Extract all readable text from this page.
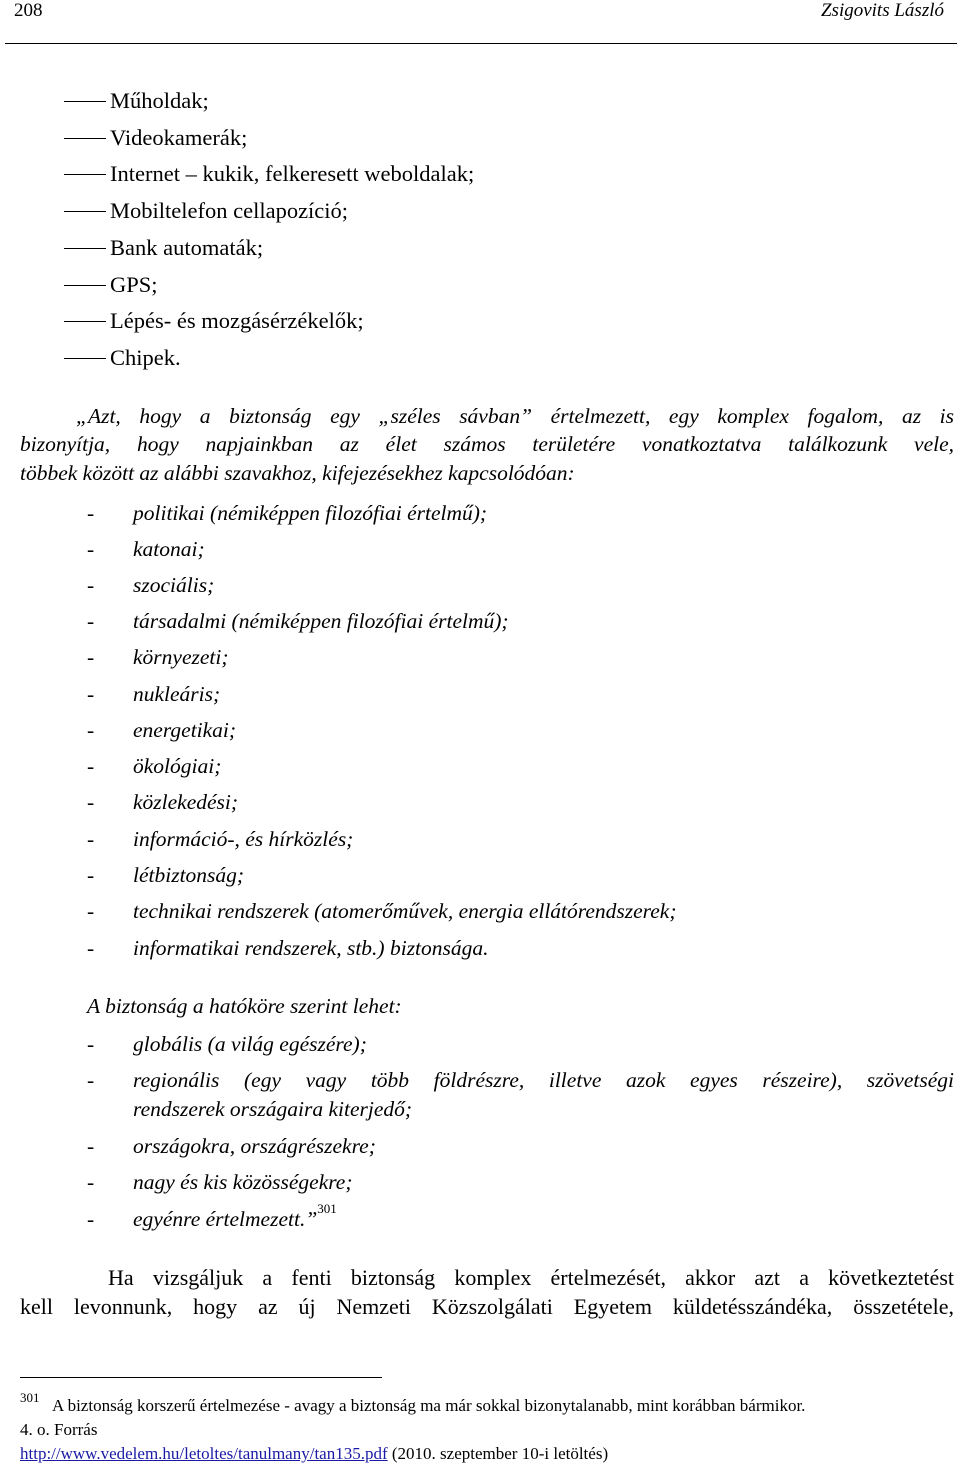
208	Zsigovits László
Műholdak;
Videokamerák;
Internet – kukik, felkeresett weboldalak;
Mobiltelefon cellapozíció;
Bank automaták;
GPS;
Lépés- és mozgásérzékelők;
Chipek.
„Azt, hogy a biztonság egy „széles sávban” értelmezett, egy komplex fogalom, az is
bizonyítja, hogy napjainkban az élet számos területére vonatkoztatva találkozunk vele,
többek között az alábbi szavakhoz, kifejezésekhez kapcsolódóan:
- politikai (némiképpen filozófiai értelmű);
- katonai;
- szociális;
- társadalmi (némiképpen filozófiai értelmű);
- környezeti;
- nukleáris;
- energetikai;
- ökológiai;
- közlekedési;
- információ-, és hírközlés;
- létbiztonság;
- technikai rendszerek (atomerőművek, energia ellátórendszerek;
- informatikai rendszerek, stb.) biztonsága.
A biztonság a hatóköre szerint lehet:
- globális (a világ egészére);
- regionális (egy vagy több földrészre, illetve azok egyes részeire), szövetségi
rendszerek országaira kiterjedő;
- országokra, országrészekre;
- nagy és kis közösségekre;
- egyénre értelmezett.”$^{301}$
Ha vizsgáljuk a fenti biztonság komplex értelmezését, akkor azt a következtetést
kell levonnunk, hogy az új Nemzeti Közszolgálati Egyetem küldetésszándéka, összetétele,
301 A biztonság korszerű értelmezése - avagy a biztonság ma már sokkal bizonytalanabb, mint korábban bármikor.
4. o. Forrás
http://www.vedelem.hu/letoltes/tanulmany/tan135.pdf (2010. szeptember 10-i letöltés)
